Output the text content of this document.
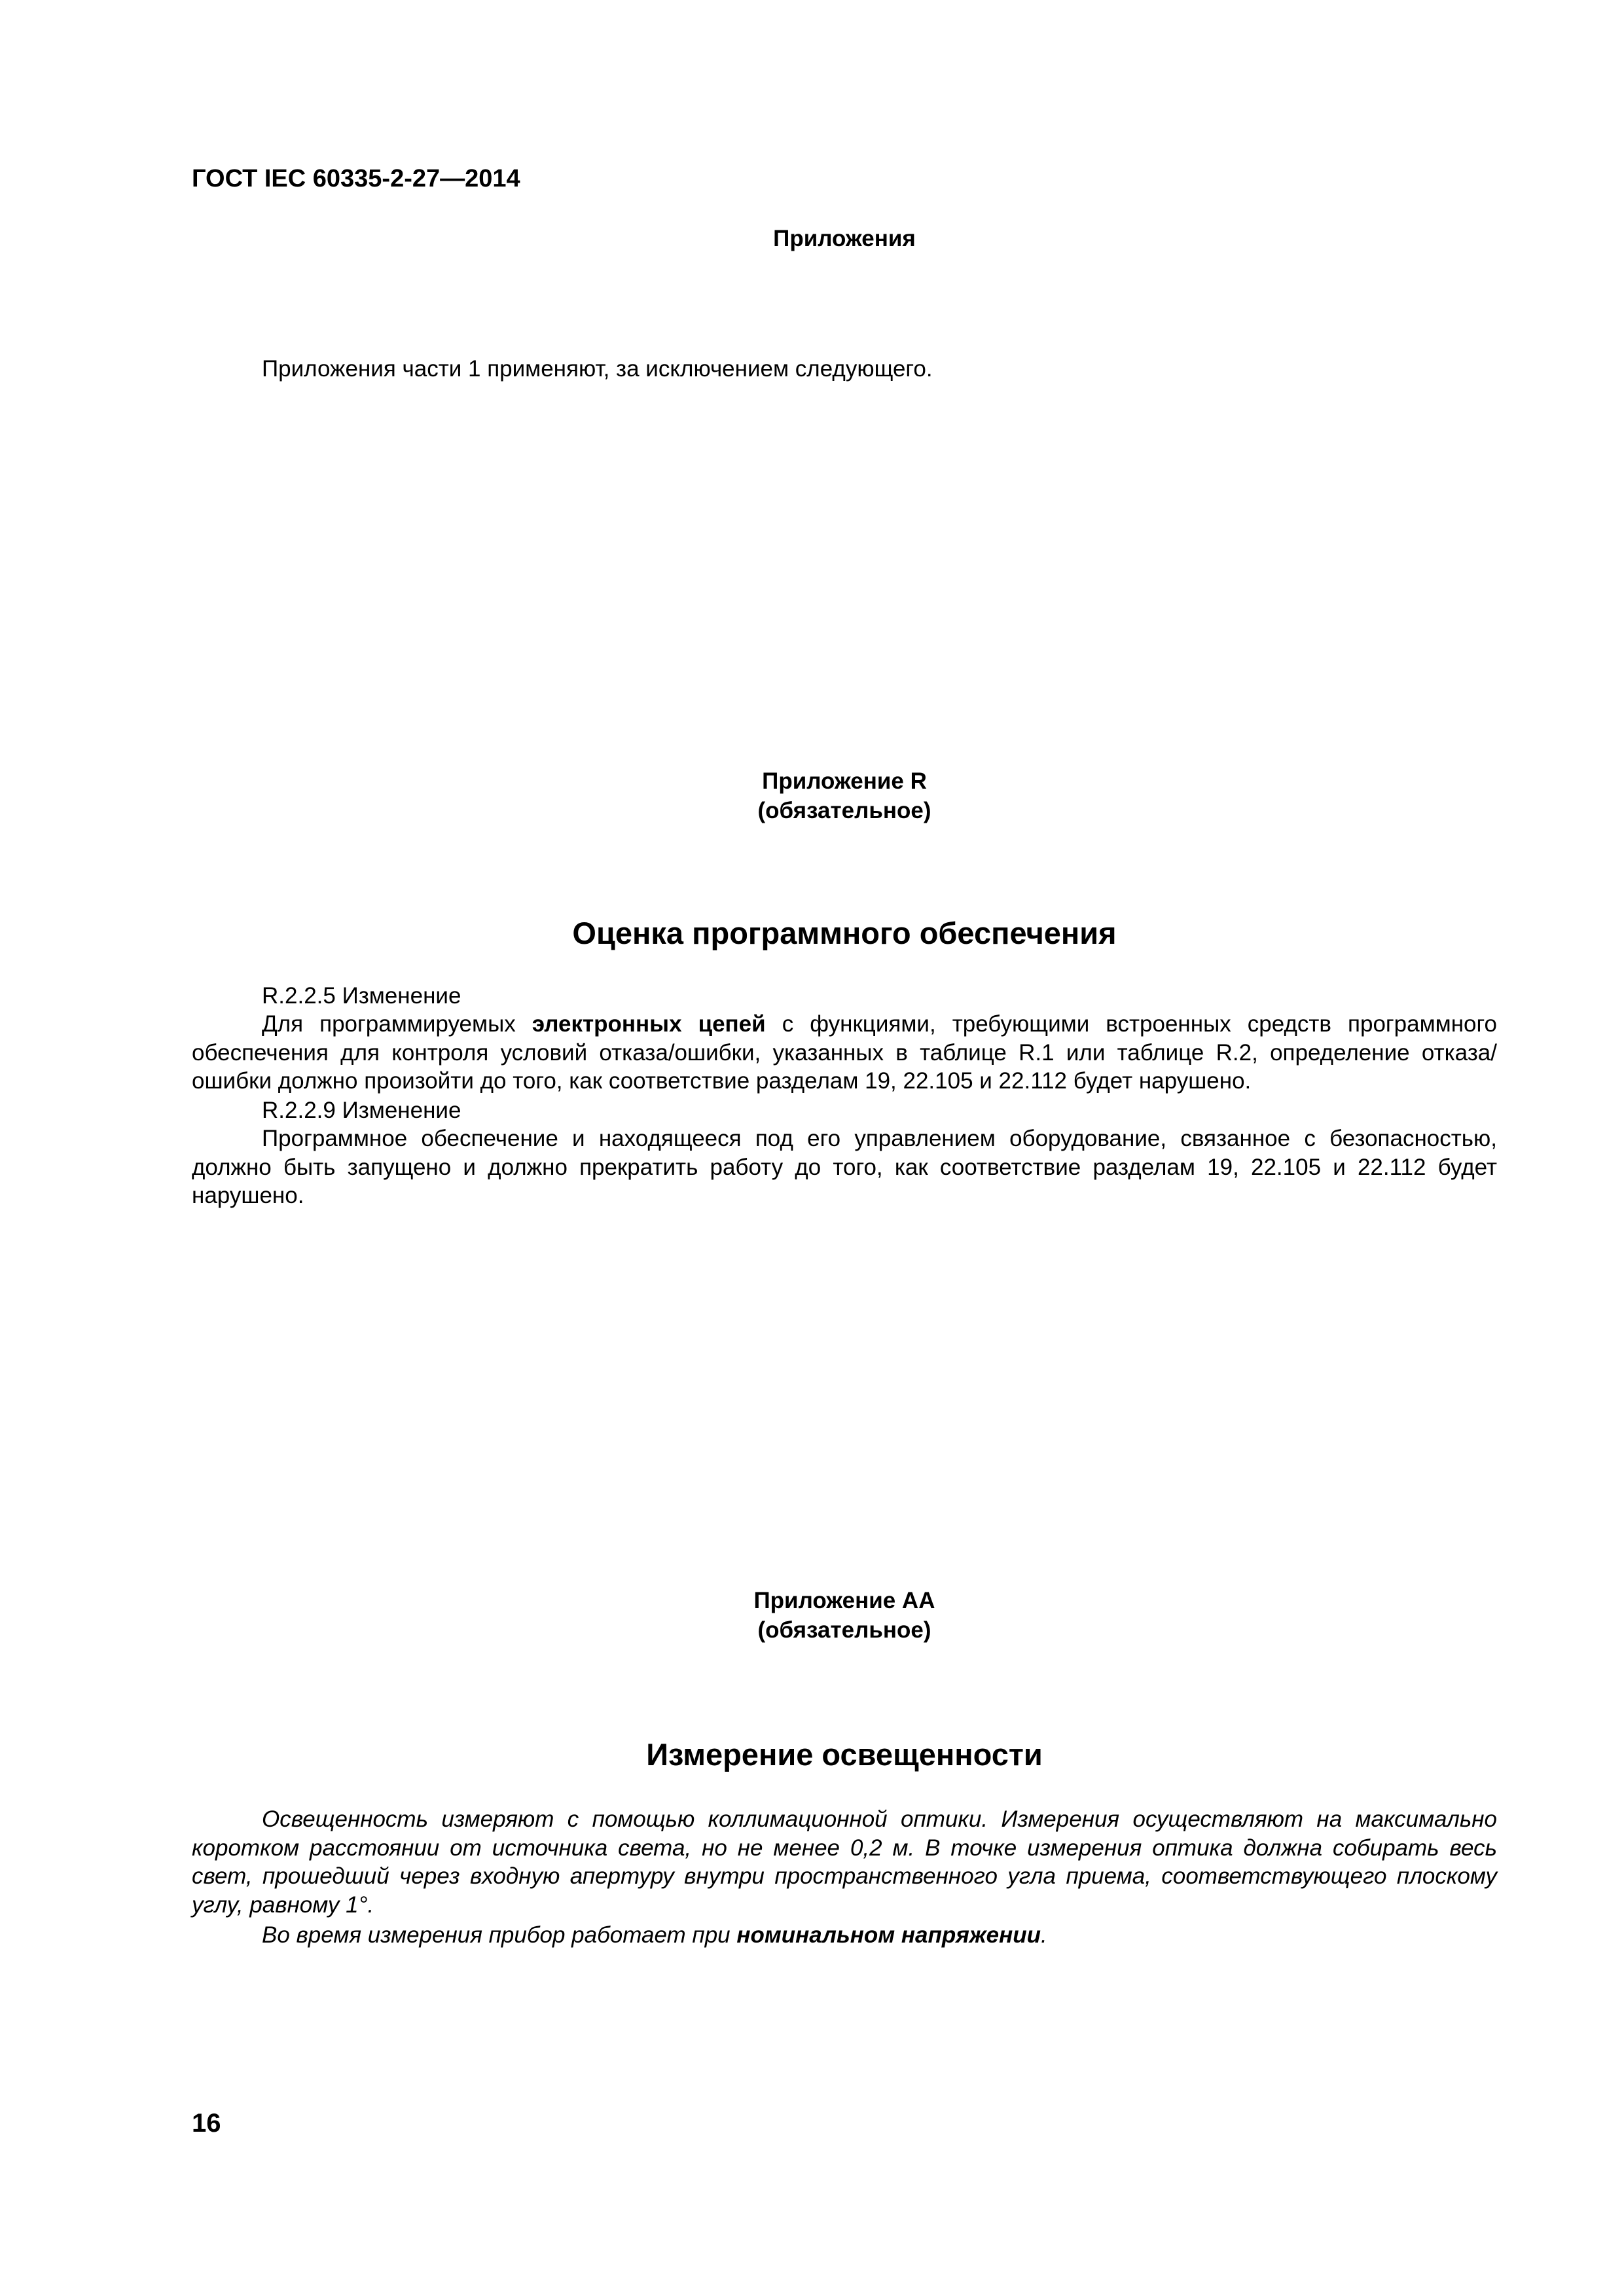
ГОСТ IEC 60335-2-27—2014
Приложения
Приложения части 1 применяют, за исключением следующего.
Приложение R
(обязательное)
Оценка программного обеспечения
R.2.2.5 Изменение
Для программируемых электронных цепей с функциями, требующими встроенных средств программного обеспечения для контроля условий отказа/ошибки, указанных в таблице R.1 или таблице R.2, определение отказа/ошибки должно произойти до того, как соответствие разделам 19, 22.105 и 22.112 будет нарушено.
R.2.2.9 Изменение
Программное обеспечение и находящееся под его управлением оборудование, связанное с безопасностью, должно быть запущено и должно прекратить работу до того, как соответствие разделам 19, 22.105 и 22.112 будет нарушено.
Приложение АА
(обязательное)
Измерение освещенности
Освещенность измеряют с помощью коллимационной оптики. Измерения осуществляют на максимально коротком расстоянии от источника света, но не менее 0,2 м. В точке измерения оптика должна собирать весь свет, прошедший через входную апертуру внутри пространственного угла приема, соответствующего плоскому углу, равному 1°.
Во время измерения прибор работает при номинальном напряжении.
16
